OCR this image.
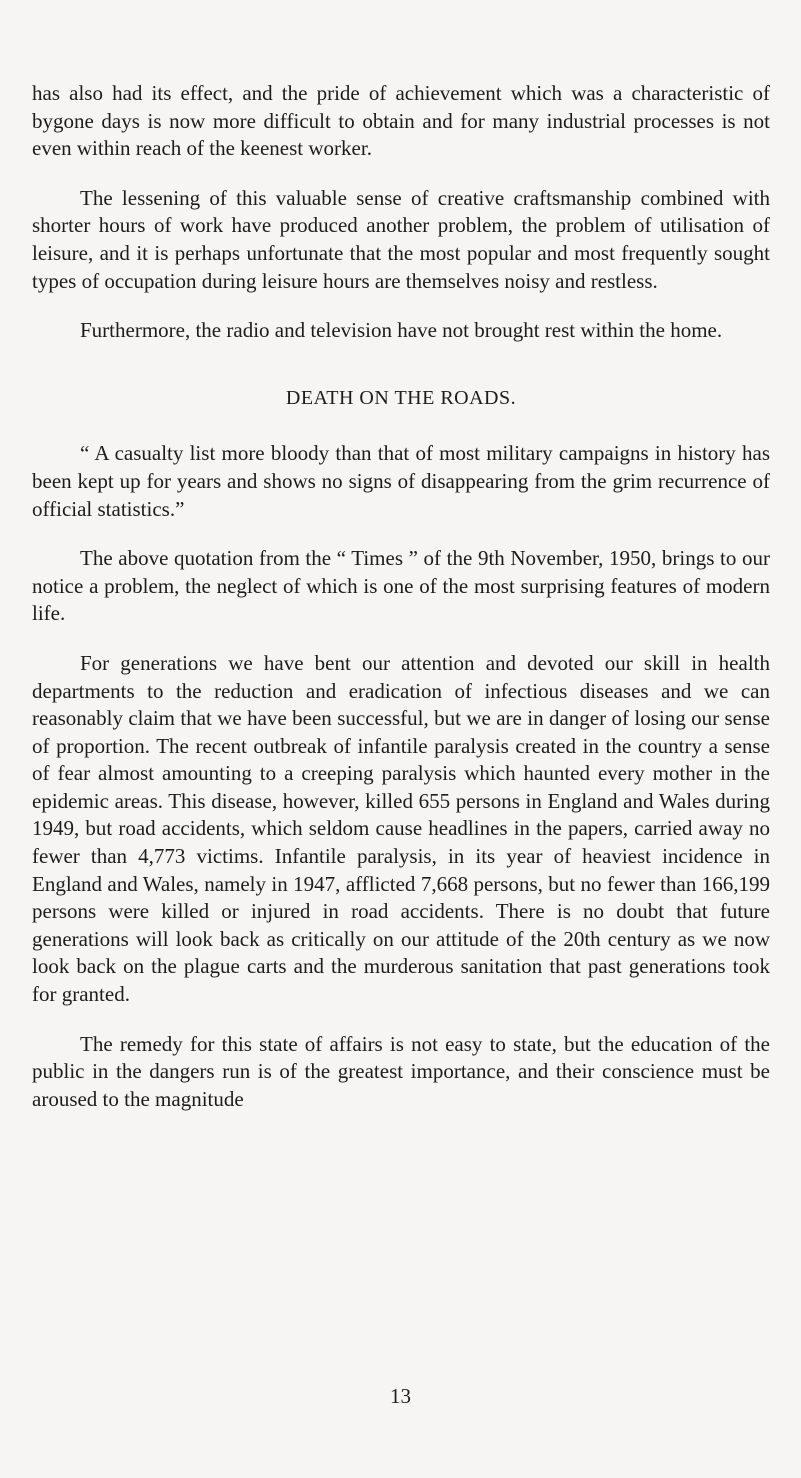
has also had its effect, and the pride of achievement which was a characteristic of bygone days is now more difficult to obtain and for many industrial processes is not even within reach of the keenest worker.

The lessening of this valuable sense of creative craftsmanship combined with shorter hours of work have produced another problem, the problem of utilisation of leisure, and it is perhaps unfortunate that the most popular and most frequently sought types of occupation during leisure hours are themselves noisy and restless.

Furthermore, the radio and television have not brought rest within the home.

DEATH ON THE ROADS.

“ A casualty list more bloody than that of most military campaigns in history has been kept up for years and shows no signs of disappearing from the grim recurrence of official statistics.”

The above quotation from the “ Times ” of the 9th November, 1950, brings to our notice a problem, the neglect of which is one of the most surprising features of modern life.

For generations we have bent our attention and devoted our skill in health departments to the reduction and eradication of infectious diseases and we can reasonably claim that we have been successful, but we are in danger of losing our sense of proportion. The recent outbreak of infantile paralysis created in the country a sense of fear almost amounting to a creeping paralysis which haunted every mother in the epidemic areas. This disease, however, killed 655 persons in England and Wales during 1949, but road accidents, which seldom cause headlines in the papers, carried away no fewer than 4,773 victims. Infantile paralysis, in its year of heaviest incidence in England and Wales, namely in 1947, afflicted 7,668 persons, but no fewer than 166,199 persons were killed or injured in road accidents. There is no doubt that future generations will look back as critically on our attitude of the 20th century as we now look back on the plague carts and the murderous sanitation that past generations took for granted.

The remedy for this state of affairs is not easy to state, but the education of the public in the dangers run is of the greatest importance, and their conscience must be aroused to the magnitude

13
